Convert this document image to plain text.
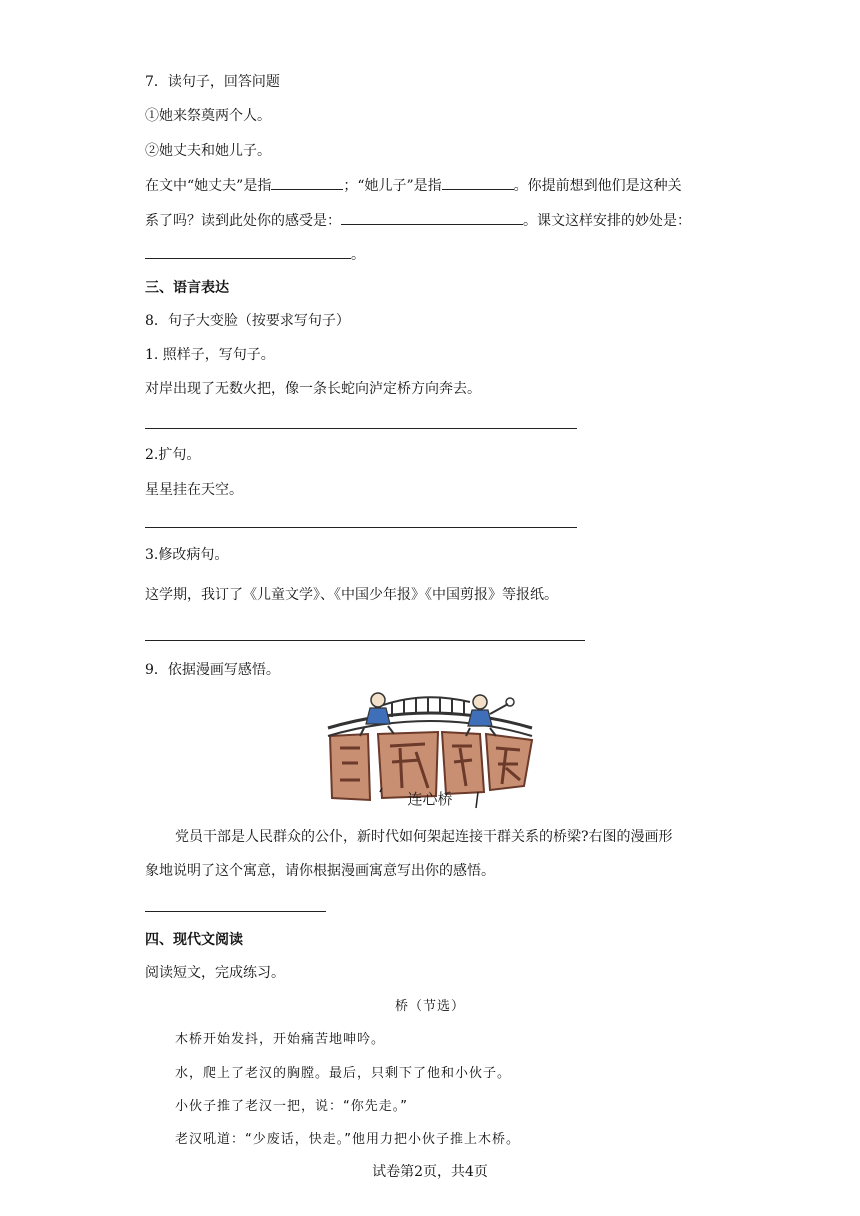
7．读句子，回答问题
①她来祭奠两个人。
②她丈夫和她儿子。
在文中“她丈夫”是指	；“她儿子”是指	。你提前想到他们是这种关
系了吗？读到此处你的感受是：	。课文这样安排的妙处是：
。
三、语言表达
8．句子大变脸（按要求写句子）
1. 照样子，写句子。
对岸出现了无数火把，像一条长蛇向泸定桥方向奔去。
2.扩句。
星星挂在天空。
3.修改病句。
这学期，我订了《儿童文学》、《中国少年报》《中国剪报》等报纸。
9．依据漫画写感悟。
连心桥
党员干部是人民群众的公仆，新时代如何架起连接干群关系的桥梁?右图的漫画形
象地说明了这个寓意，请你根据漫画寓意写出你的感悟。
四、现代文阅读
阅读短文，完成练习。
桥（节选）
木桥开始发抖，开始痛苦地呻吟。
水，爬上了老汉的胸膛。最后，只剩下了他和小伙子。
小伙子推了老汉一把，说：“你先走。”
老汉吼道：“少废话，快走。”他用力把小伙子推上木桥。
试卷第2页，共4页
